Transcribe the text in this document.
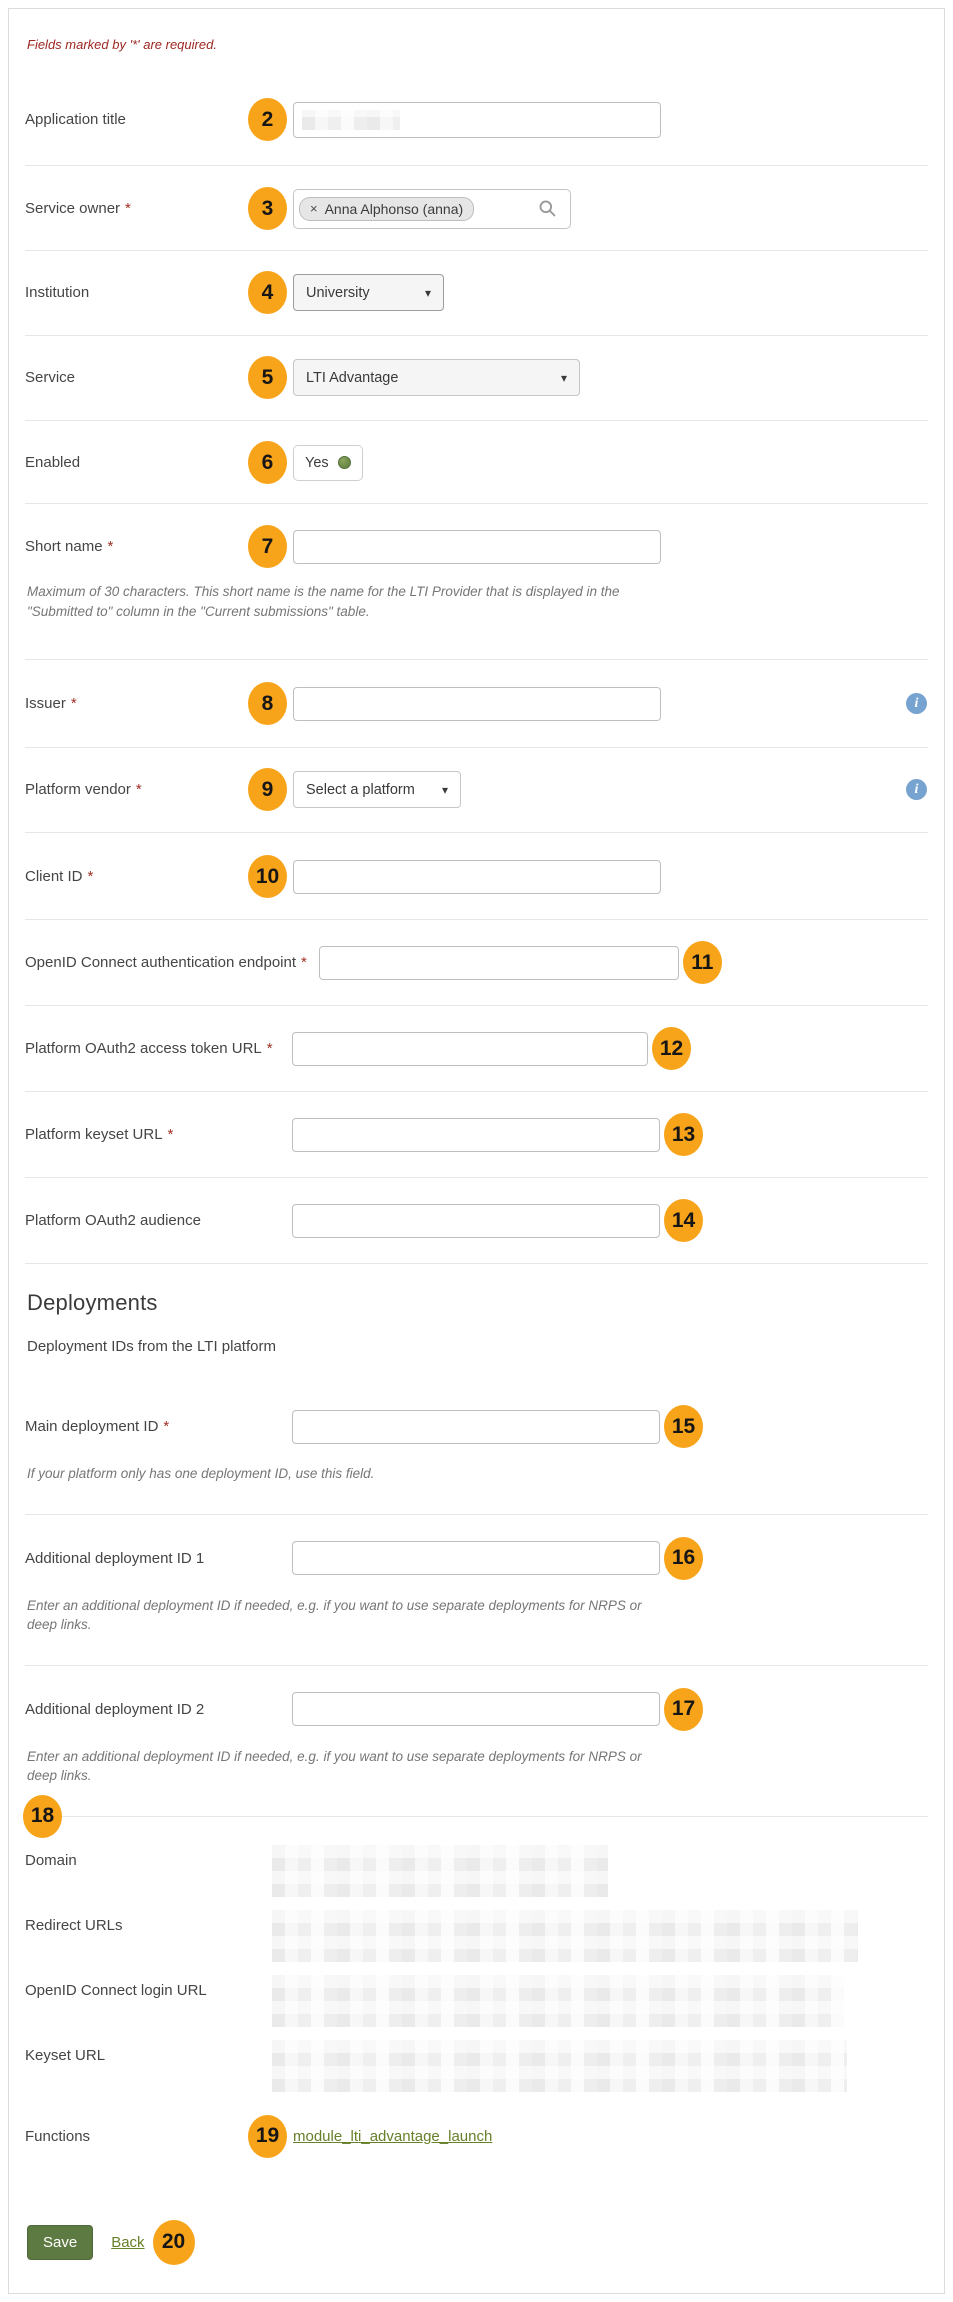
Fields marked by '*' are required.
Application title	2
Service owner *	3	× Anna Alphonso (anna)
Institution	4	University	▾
Service	5	LTI Advantage	▾
Enabled	6	Yes
Short name *	7
Maximum of 30 characters. This short name is the name for the LTI Provider that is displayed in the "Submitted to" column in the "Current submissions" table.
Issuer *	8	i
Platform vendor *	9	Select a platform ▾	i
Client ID *	10
OpenID Connect authentication endpoint *	11
Platform OAuth2 access token URL *	12
Platform keyset URL *	13
Platform OAuth2 audience	14
Deployments
Deployment IDs from the LTI platform
Main deployment ID *	15
If your platform only has one deployment ID, use this field.
Additional deployment ID 1	16
Enter an additional deployment ID if needed, e.g. if you want to use separate deployments for NRPS or deep links.
Additional deployment ID 2	17
Enter an additional deployment ID if needed, e.g. if you want to use separate deployments for NRPS or deep links.
18
Domain
Redirect URLs
OpenID Connect login URL
Keyset URL
Functions	19 module_lti_advantage_launch
Save	Back 20
